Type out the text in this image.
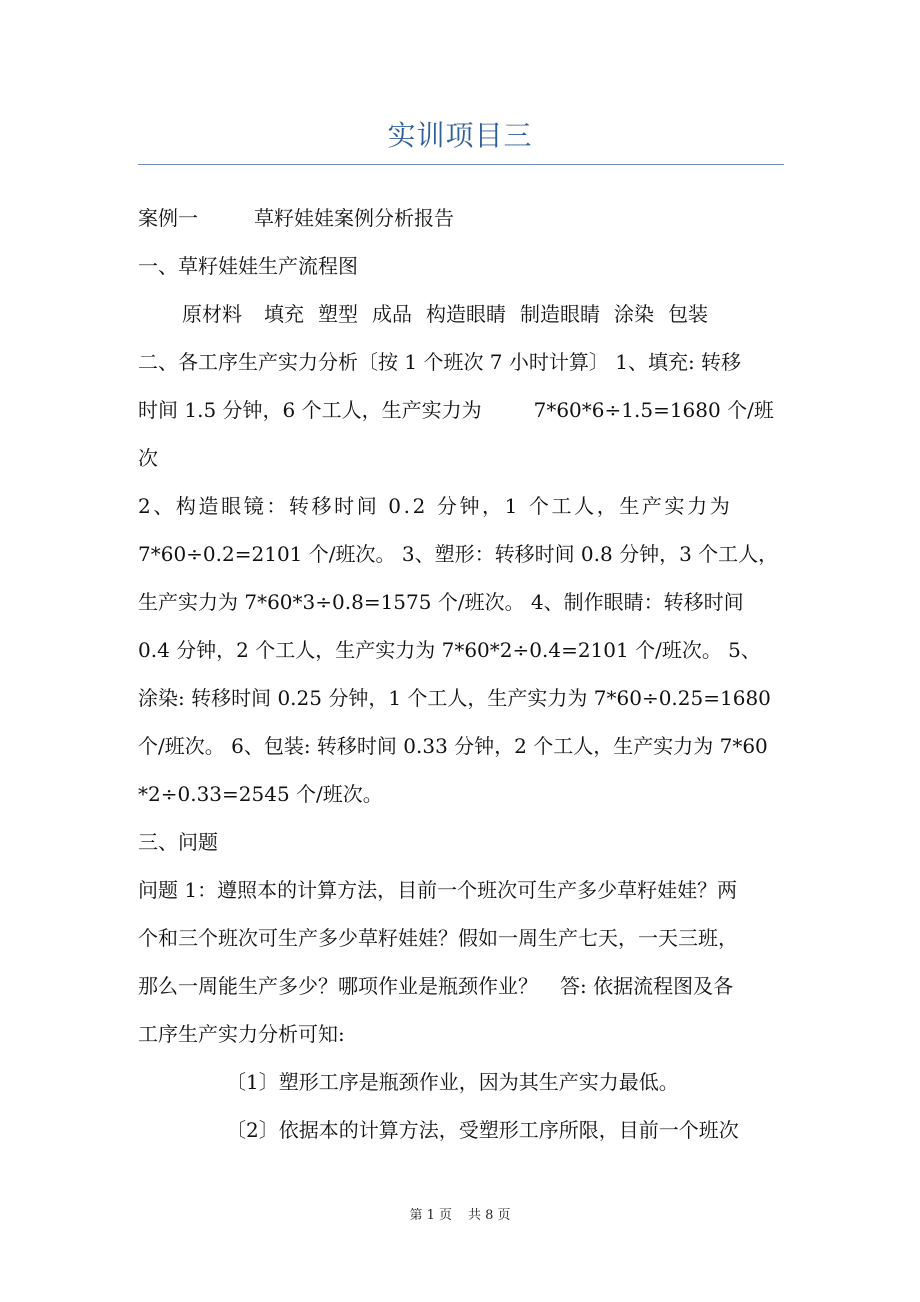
实训项目三

案例一	草籽娃娃案例分析报告

一、草籽娃娃生产流程图

原材料 填充 塑型 成品 构造眼睛 制造眼睛 涂染 包装

二、各工序生产实力分析〔按 1 个班次 7 小时计算〕 1、填充: 转移

时间 1.5 分钟，6 个工人，生产实力为	7*60*6÷1.5=1680 个/班

次

2、构造眼镜：转移时间 0.2 分钟，1 个工人，生产实力为

7*60÷0.2=2101 个/班次。 3、塑形：转移时间 0.8 分钟，3 个工人，

生产实力为 7*60*3÷0.8=1575 个/班次。 4、制作眼睛：转移时间

0.4 分钟，2 个工人，生产实力为 7*60*2÷0.4=2101 个/班次。 5、

涂染: 转移时间 0.25 分钟，1 个工人，生产实力为 7*60÷0.25=1680

个/班次。 6、包装: 转移时间 0.33 分钟，2 个工人，生产实力为 7*60

*2÷0.33=2545 个/班次。

三、问题

问题 1：遵照本的计算方法，目前一个班次可生产多少草籽娃娃？两

个和三个班次可生产多少草籽娃娃？假如一周生产七天，一天三班，

那么一周能生产多少？哪项作业是瓶颈作业？ 答: 依据流程图及各

工序生产实力分析可知:

〔1〕塑形工序是瓶颈作业，因为其生产实力最低。

〔2〕依据本的计算方法，受塑形工序所限，目前一个班次

第 1 页 共 8 页
